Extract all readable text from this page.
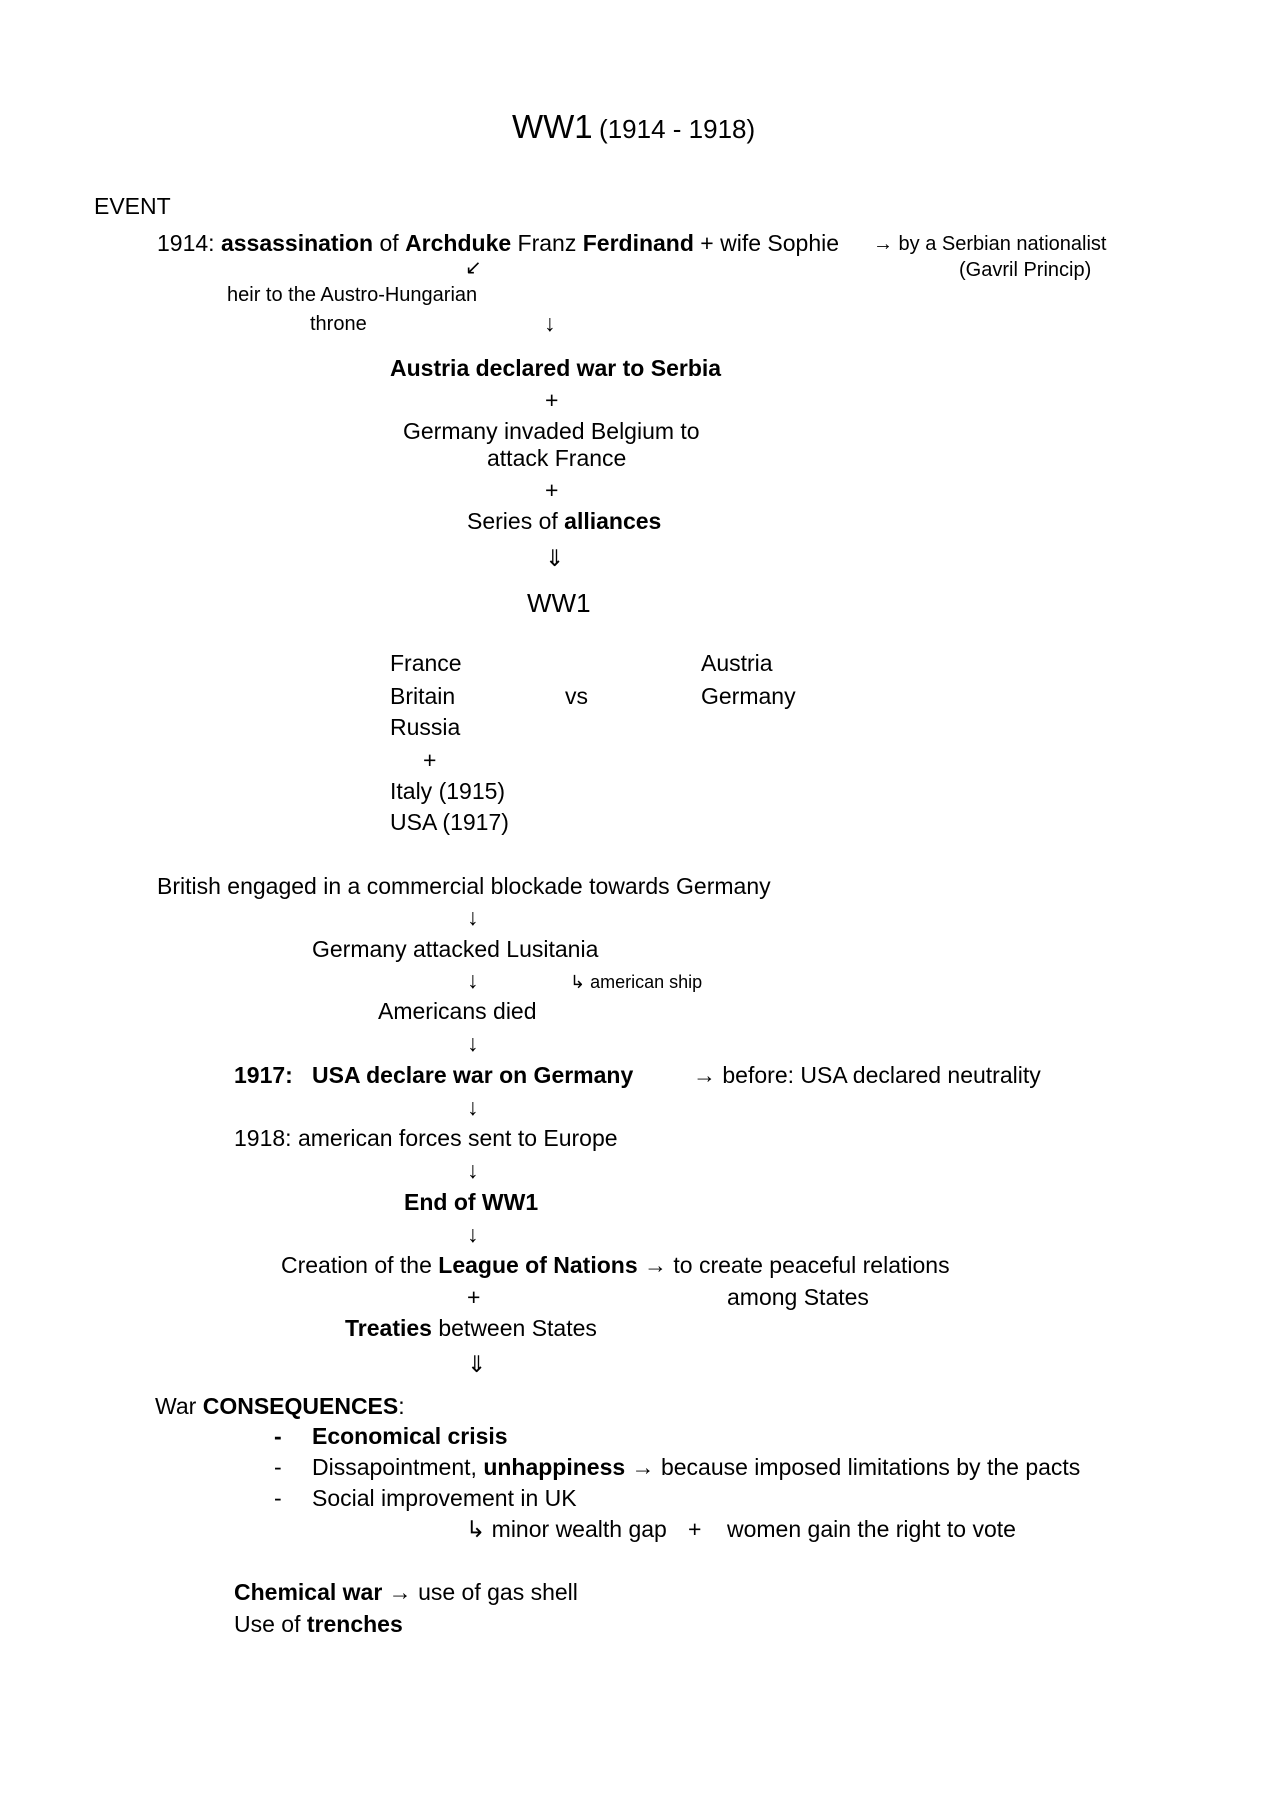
WW1 (1914 - 1918)
EVENT
1914: assassination of Archduke Franz Ferdinand + wife Sophie → by a Serbian nationalist
(Gavril Princip)
↙
heir to the Austro-Hungarian
throne	↓
Austria declared war to Serbia
+
Germany invaded Belgium to
attack France
+
Series of alliances
⇓
WW1
France
Britain
Russia
+
Italy (1915)
USA (1917)
vs
Austria
Germany
British engaged in a commercial blockade towards Germany
↓
Germany attacked Lusitania
↓	↳ american ship
Americans died
↓
1917: USA declare war on Germany	→ before: USA declared neutrality
↓
1918: american forces sent to Europe
↓
End of WW1
↓
Creation of the League of Nations → to create peaceful relations
+	among States
Treaties between States
⇓
War CONSEQUENCES:
- Economical crisis
- Dissapointment, unhappiness → because imposed limitations by the pacts
- Social improvement in UK
↳ minor wealth gap + women gain the right to vote
Chemical war → use of gas shell
Use of trenches
